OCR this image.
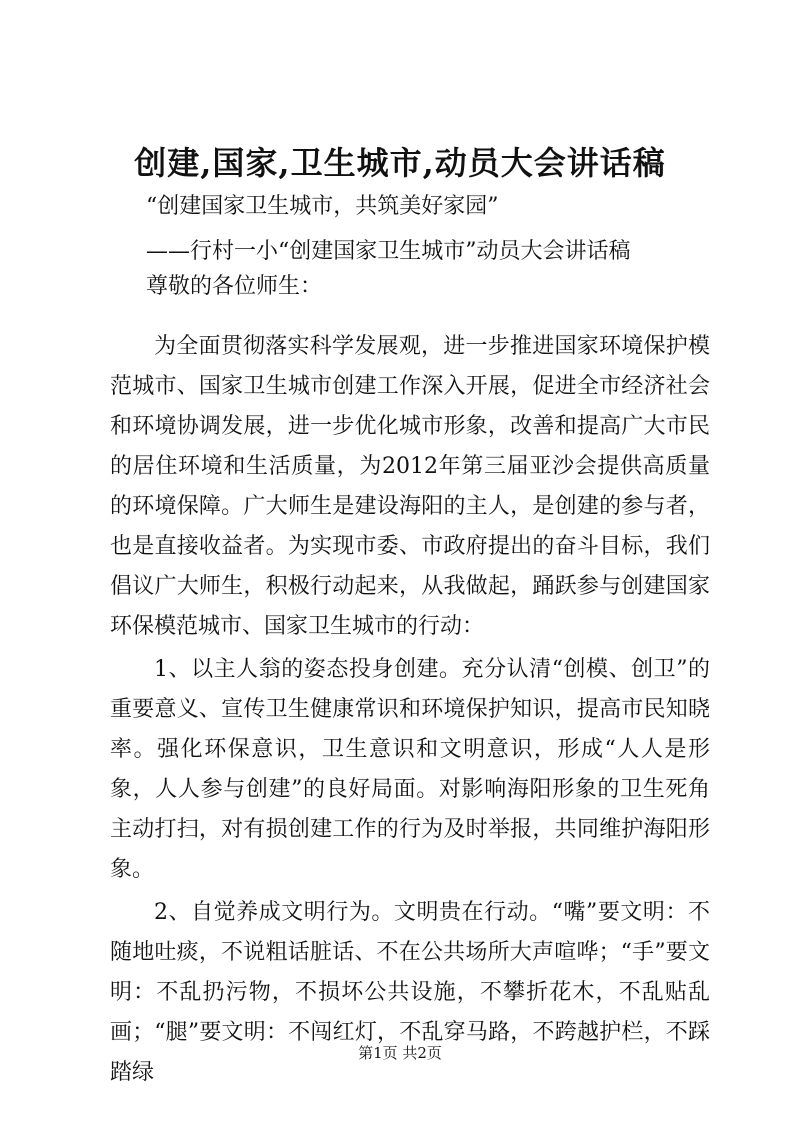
创建,国家,卫生城市,动员大会讲话稿
“创建国家卫生城市，共筑美好家园”
——行村一小“创建国家卫生城市”动员大会讲话稿
尊敬的各位师生：

为全面贯彻落实科学发展观，进一步推进国家环境保护模范城市、国家卫生城市创建工作深入开展，促进全市经济社会和环境协调发展，进一步优化城市形象，改善和提高广大市民的居住环境和生活质量，为2012年第三届亚沙会提供高质量的环境保障。广大师生是建设海阳的主人，是创建的参与者，也是直接收益者。为实现市委、市政府提出的奋斗目标，我们倡议广大师生，积极行动起来，从我做起，踊跃参与创建国家环保模范城市、国家卫生城市的行动：

1、以主人翁的姿态投身创建。充分认清“创模、创卫”的重要意义、宣传卫生健康常识和环境保护知识，提高市民知晓率。强化环保意识，卫生意识和文明意识，形成“人人是形象，人人参与创建”的良好局面。对影响海阳形象的卫生死角主动打扫，对有损创建工作的行为及时举报，共同维护海阳形象。

2、自觉养成文明行为。文明贵在行动。“嘴”要文明：不随地吐痰，不说粗话脏话、不在公共场所大声喧哗；“手”要文明：不乱扔污物，不损坏公共设施，不攀折花木，不乱贴乱画；“腿”要文明：不闯红灯，不乱穿马路，不跨越护栏，不踩踏绿

第1页 共2页
